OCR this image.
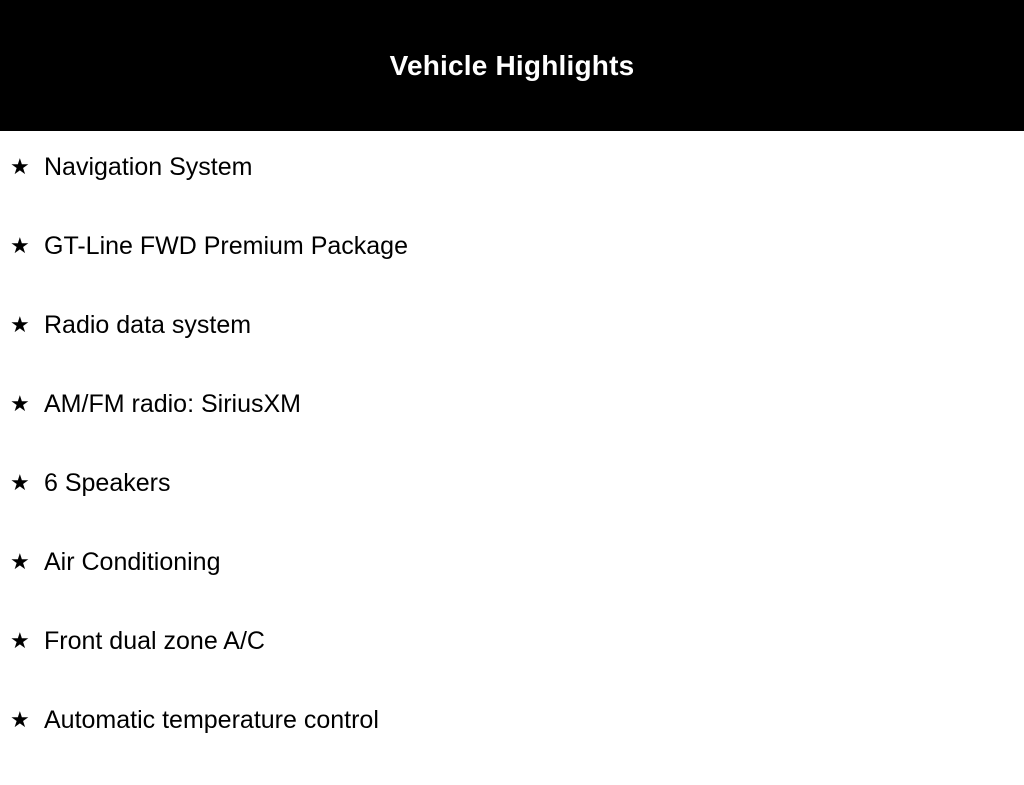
Vehicle Highlights
★ Navigation System
★ GT-Line FWD Premium Package
★ Radio data system
★ AM/FM radio: SiriusXM
★ 6 Speakers
★ Air Conditioning
★ Front dual zone A/C
★ Automatic temperature control
